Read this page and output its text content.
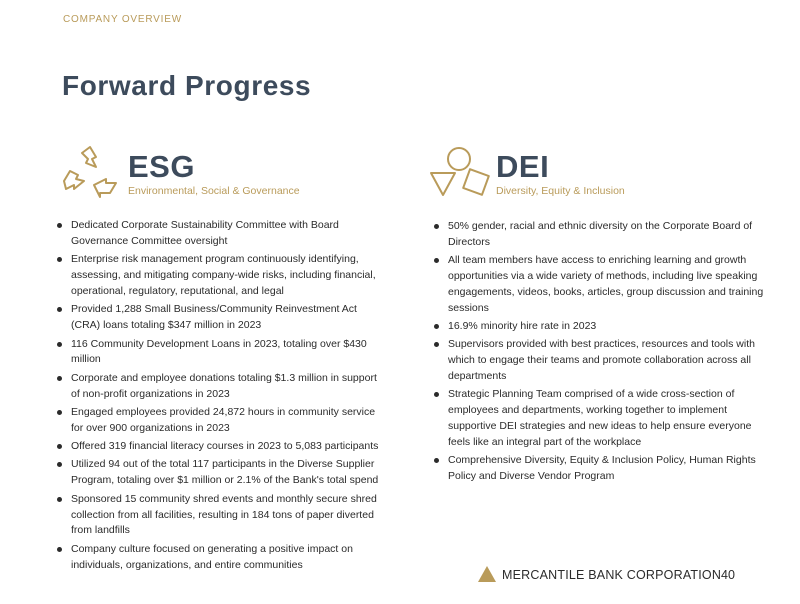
COMPANY OVERVIEW
Forward Progress
ESG
Environmental, Social & Governance
DEI
Diversity, Equity & Inclusion
Dedicated Corporate Sustainability Committee with Board Governance Committee oversight
Enterprise risk management program continuously identifying, assessing, and mitigating company-wide risks, including financial, operational, regulatory, reputational, and legal
Provided 1,288 Small Business/Community Reinvestment Act (CRA) loans totaling $347 million in 2023
116 Community Development Loans in 2023, totaling over $430 million
Corporate and employee donations totaling $1.3 million in support of non-profit organizations in 2023
Engaged employees provided 24,872 hours in community service for over 900 organizations in 2023
Offered 319 financial literacy courses in 2023 to 5,083 participants
Utilized 94 out of the total 117 participants in the Diverse Supplier Program, totaling over $1 million or 2.1% of the Bank's total spend
Sponsored 15 community shred events and monthly secure shred collection from all facilities, resulting in 184 tons of paper diverted from landfills
Company culture focused on generating a positive impact on individuals, organizations, and entire communities
50% gender, racial and ethnic diversity on the Corporate Board of Directors
All team members have access to enriching learning and growth opportunities via a wide variety of methods, including live speaking engagements, videos, books, articles, group discussion and training sessions
16.9% minority hire rate in 2023
Supervisors provided with best practices, resources and tools with which to engage their teams and promote collaboration across all departments
Strategic Planning Team comprised of a wide cross-section of employees and departments, working together to implement supportive DEI strategies and new ideas to help ensure everyone feels like an integral part of the workplace
Comprehensive Diversity, Equity & Inclusion Policy, Human Rights Policy and Diverse Vendor Program
MERCANTILE BANK CORPORATION 40
